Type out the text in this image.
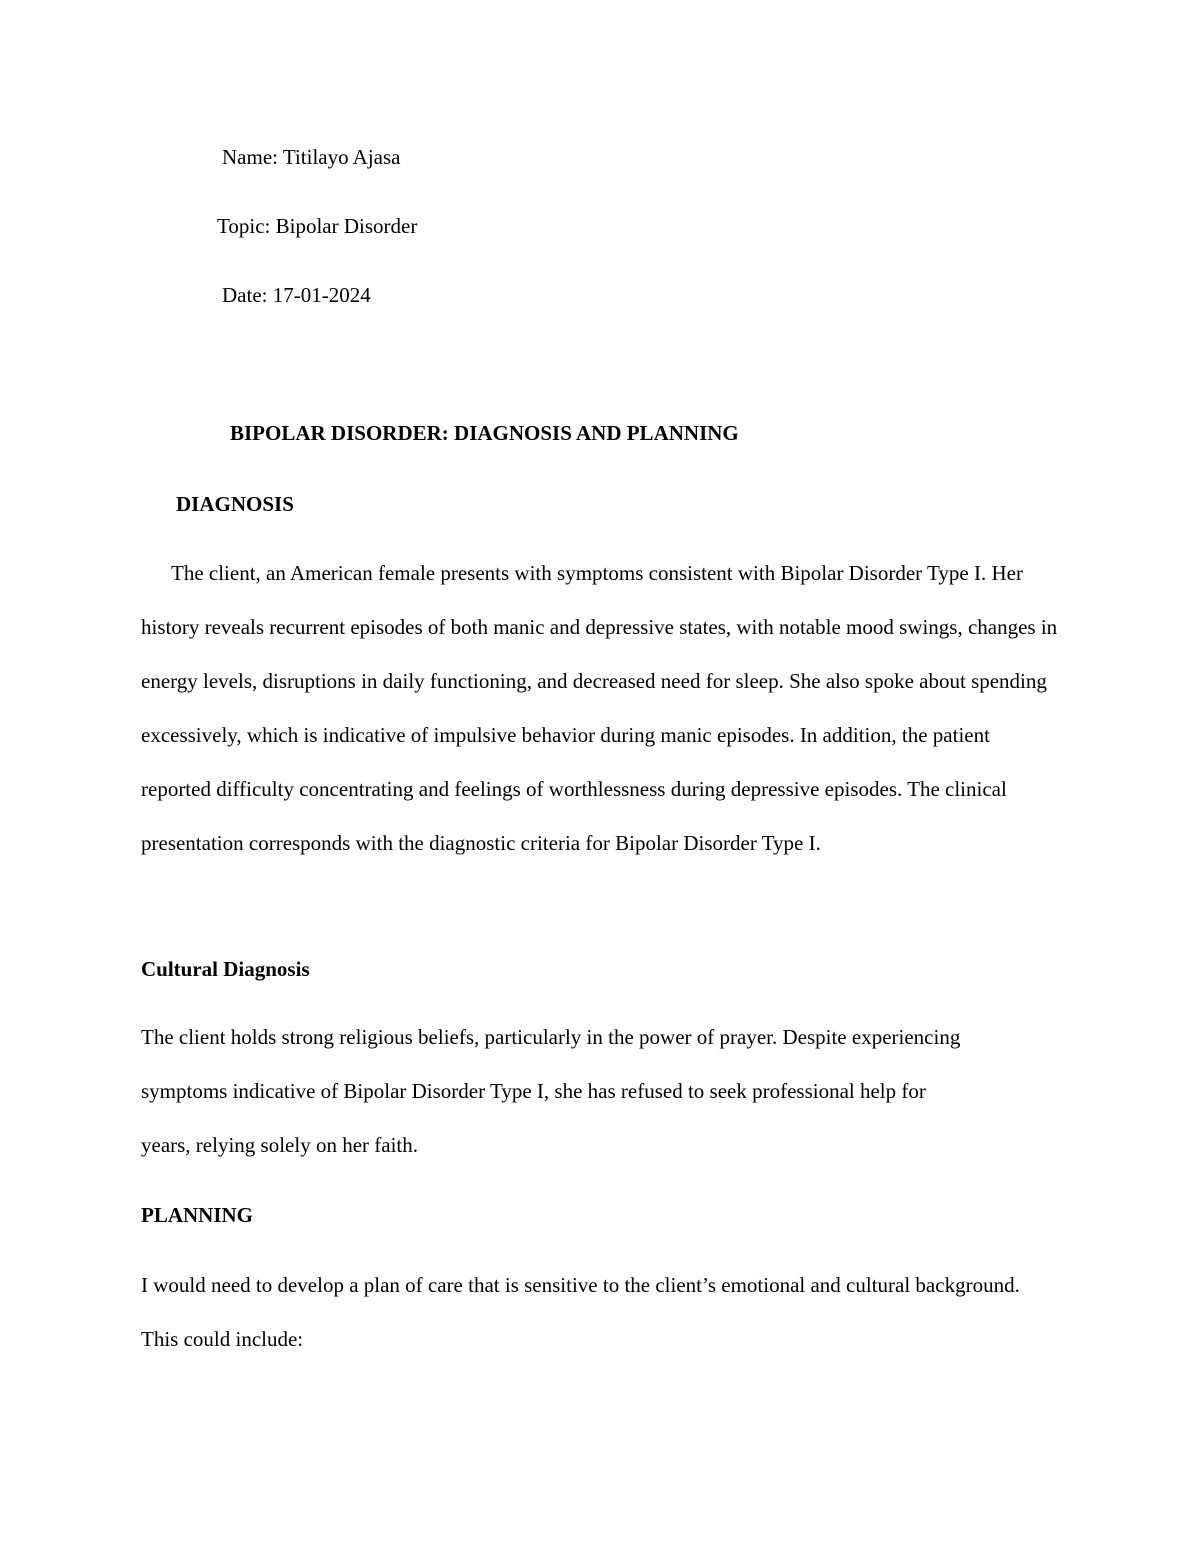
Name: Titilayo Ajasa

Topic: Bipolar Disorder

Date: 17-01-2024

BIPOLAR DISORDER: DIAGNOSIS AND PLANNING

DIAGNOSIS

The client, an American female presents with symptoms consistent with Bipolar Disorder Type I. Her history reveals recurrent episodes of both manic and depressive states, with notable mood swings, changes in energy levels, disruptions in daily functioning, and decreased need for sleep. She also spoke about spending excessively, which is indicative of impulsive behavior during manic episodes. In addition, the patient reported difficulty concentrating and feelings of worthlessness during depressive episodes. The clinical presentation corresponds with the diagnostic criteria for Bipolar Disorder Type I.

Cultural Diagnosis

The client holds strong religious beliefs, particularly in the power of prayer. Despite experiencing symptoms indicative of Bipolar Disorder Type I, she has refused to seek professional help for years, relying solely on her faith.

PLANNING

I would need to develop a plan of care that is sensitive to the client’s emotional and cultural background. This could include:
